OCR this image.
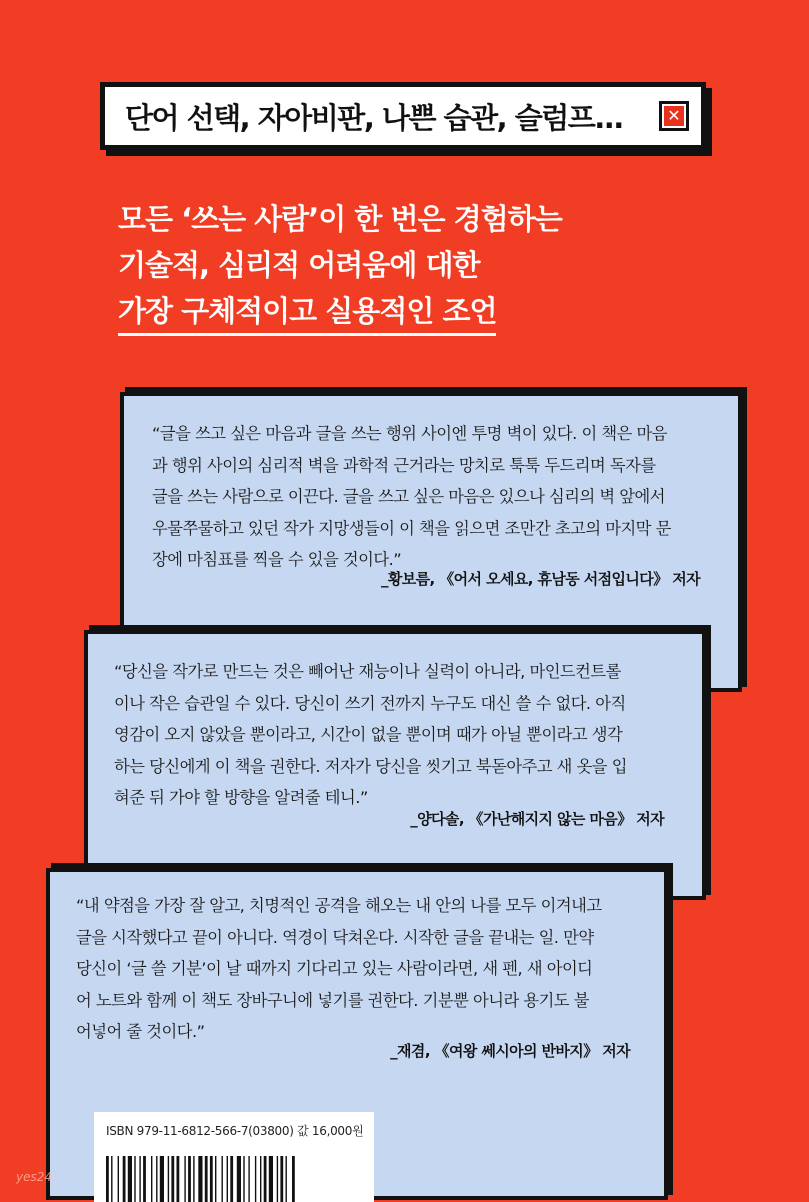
단어 선택, 자아비판, 나쁜 습관, 슬럼프...	✕
모든 ‘쓰는 사람’이 한 번은 경험하는
기술적, 심리적 어려움에 대한
가장 구체적이고 실용적인 조언
“글을 쓰고 싶은 마음과 글을 쓰는 행위 사이엔 투명 벽이 있다. 이 책은 마음
과 행위 사이의 심리적 벽을 과학적 근거라는 망치로 툭툭 두드리며 독자를
글을 쓰는 사람으로 이끈다. 글을 쓰고 싶은 마음은 있으나 심리의 벽 앞에서
우물쭈물하고 있던 작가 지망생들이 이 책을 읽으면 조만간 초고의 마지막 문
장에 마침표를 찍을 수 있을 것이다.”
_황보름, 《어서 오세요, 휴남동 서점입니다》 저자
“당신을 작가로 만드는 것은 빼어난 재능이나 실력이 아니라, 마인드컨트롤
이나 작은 습관일 수 있다. 당신이 쓰기 전까지 누구도 대신 쓸 수 없다. 아직
영감이 오지 않았을 뿐이라고, 시간이 없을 뿐이며 때가 아닐 뿐이라고 생각
하는 당신에게 이 책을 권한다. 저자가 당신을 씻기고 북돋아주고 새 옷을 입
혀준 뒤 가야 할 방향을 알려줄 테니.”
_양다솔, 《가난해지지 않는 마음》 저자
“내 약점을 가장 잘 알고, 치명적인 공격을 해오는 내 안의 나를 모두 이겨내고
글을 시작했다고 끝이 아니다. 역경이 닥쳐온다. 시작한 글을 끝내는 일. 만약
당신이 ‘글 쓸 기분’이 날 때까지 기다리고 있는 사람이라면, 새 펜, 새 아이디
어 노트와 함께 이 책도 장바구니에 넣기를 권한다. 기분뿐 아니라 용기도 불
어넣어 줄 것이다.”
_재겸, 《여왕 쎄시아의 반바지》 저자
ISBN 979-11-6812-566-7(03800) 값 16,000원
yes24
